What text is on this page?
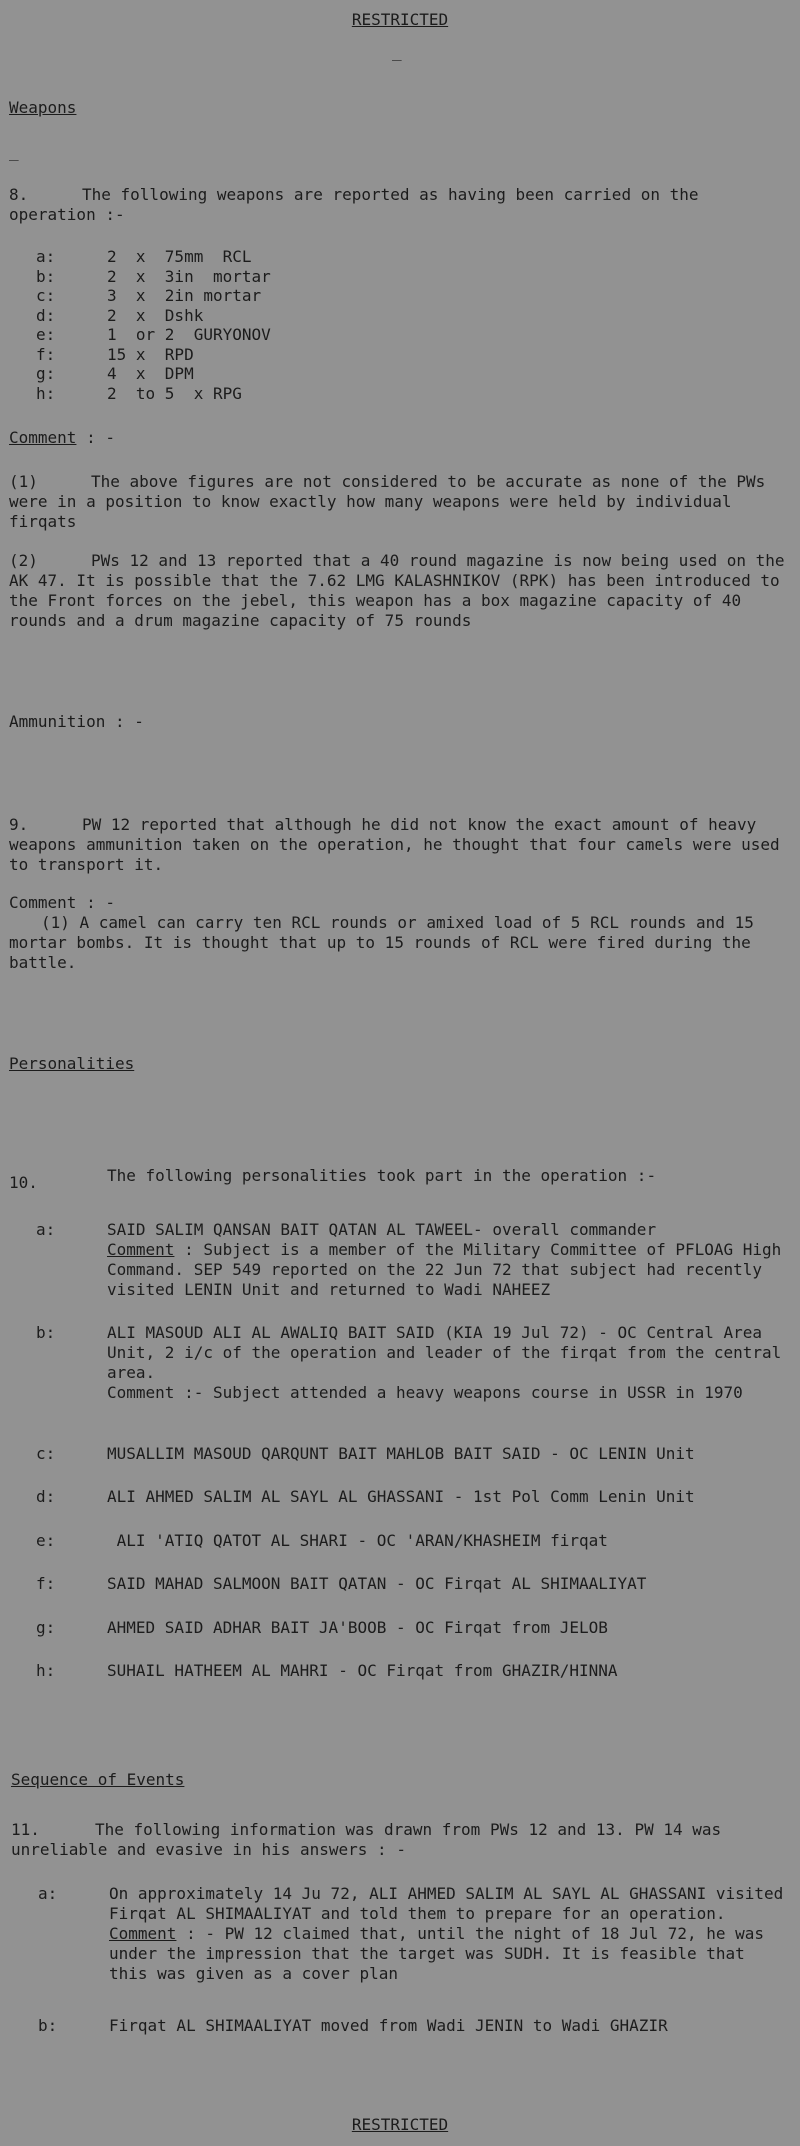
RESTRICTED
_
Weapons
_
8.	The following weapons are reported as having been carried on the operation :-
a:	2  x  75mm  RCL
b:	2  x  3in  mortar
c:	3  x  2in mortar
d:	2  x  Dshk
e:	1  or 2  GURYONOV
f:	15 x  RPD
g:	4  x  DPM
h:	2  to 5  x RPG
Comment : -
(1)	The above figures are not considered to be accurate as none of the PWs were in a position to know exactly how many weapons were held by individual firqats
(2)	PWs 12 and 13 reported that a 40 round magazine is now being used on the AK 47. It is possible that the 7.62 LMG KALASHNIKOV (RPK) has been introduced to the Front forces on the jebel, this weapon has a box magazine capacity of 40 rounds and a drum magazine capacity of 75 rounds
Ammunition : -
9.	PW 12 reported that although he did not know the exact amount of heavy weapons ammunition taken on the operation, he thought that four camels were used to transport it.
Comment : -
(1) A camel can carry ten RCL rounds or amixed load of 5 RCL rounds and 15 mortar bombs. It is thought that up to 15 rounds of RCL were fired during the battle.
Personalities
10.	The following personalities took part in the operation :-
a:	SAID SALIM QANSAN BAIT QATAN AL TAWEEL- overall commander
Comment : Subject is a member of the Military Committee of PFLOAG High Command. SEP 549 reported on the 22 Jun 72 that subject had recently visited LENIN Unit and returned to Wadi NAHEEZ
b:	ALI MASOUD ALI AL AWALIQ BAIT SAID (KIA 19 Jul 72) - OC Central Area Unit, 2 i/c of the operation and leader of the firqat from the central area.
Comment :- Subject attended a heavy weapons course in USSR in 1970
c:	MUSALLIM MASOUD QARQUNT BAIT MAHLOB BAIT SAID - OC LENIN Unit
d:	ALI AHMED SALIM AL SAYL AL GHASSANI - 1st Pol Comm Lenin Unit
e:	ALI 'ATIQ QATOT AL SHARI - OC 'ARAN/KHASHEIM firqat
f:	SAID MAHAD SALMOON BAIT QATAN - OC Firqat AL SHIMAALIYAT
g:	AHMED SAID ADHAR BAIT JA'BOOB - OC Firqat from JELOB
h:	SUHAIL HATHEEM AL MAHRI - OC Firqat from GHAZIR/HINNA
Sequence of Events
11.	The following information was drawn from PWs 12 and 13. PW 14 was unreliable and evasive in his answers : -
a:	On approximately 14 Ju 72, ALI AHMED SALIM AL SAYL AL GHASSANI visited Firqat AL SHIMAALIYAT and told them to prepare for an operation.
Comment : - PW 12 claimed that, until the night of 18 Jul 72, he was under the impression that the target was SUDH. It is feasible that this was given as a cover plan
b:	Firqat AL SHIMAALIYAT moved from Wadi JENIN to Wadi GHAZIR
RESTRICTED
